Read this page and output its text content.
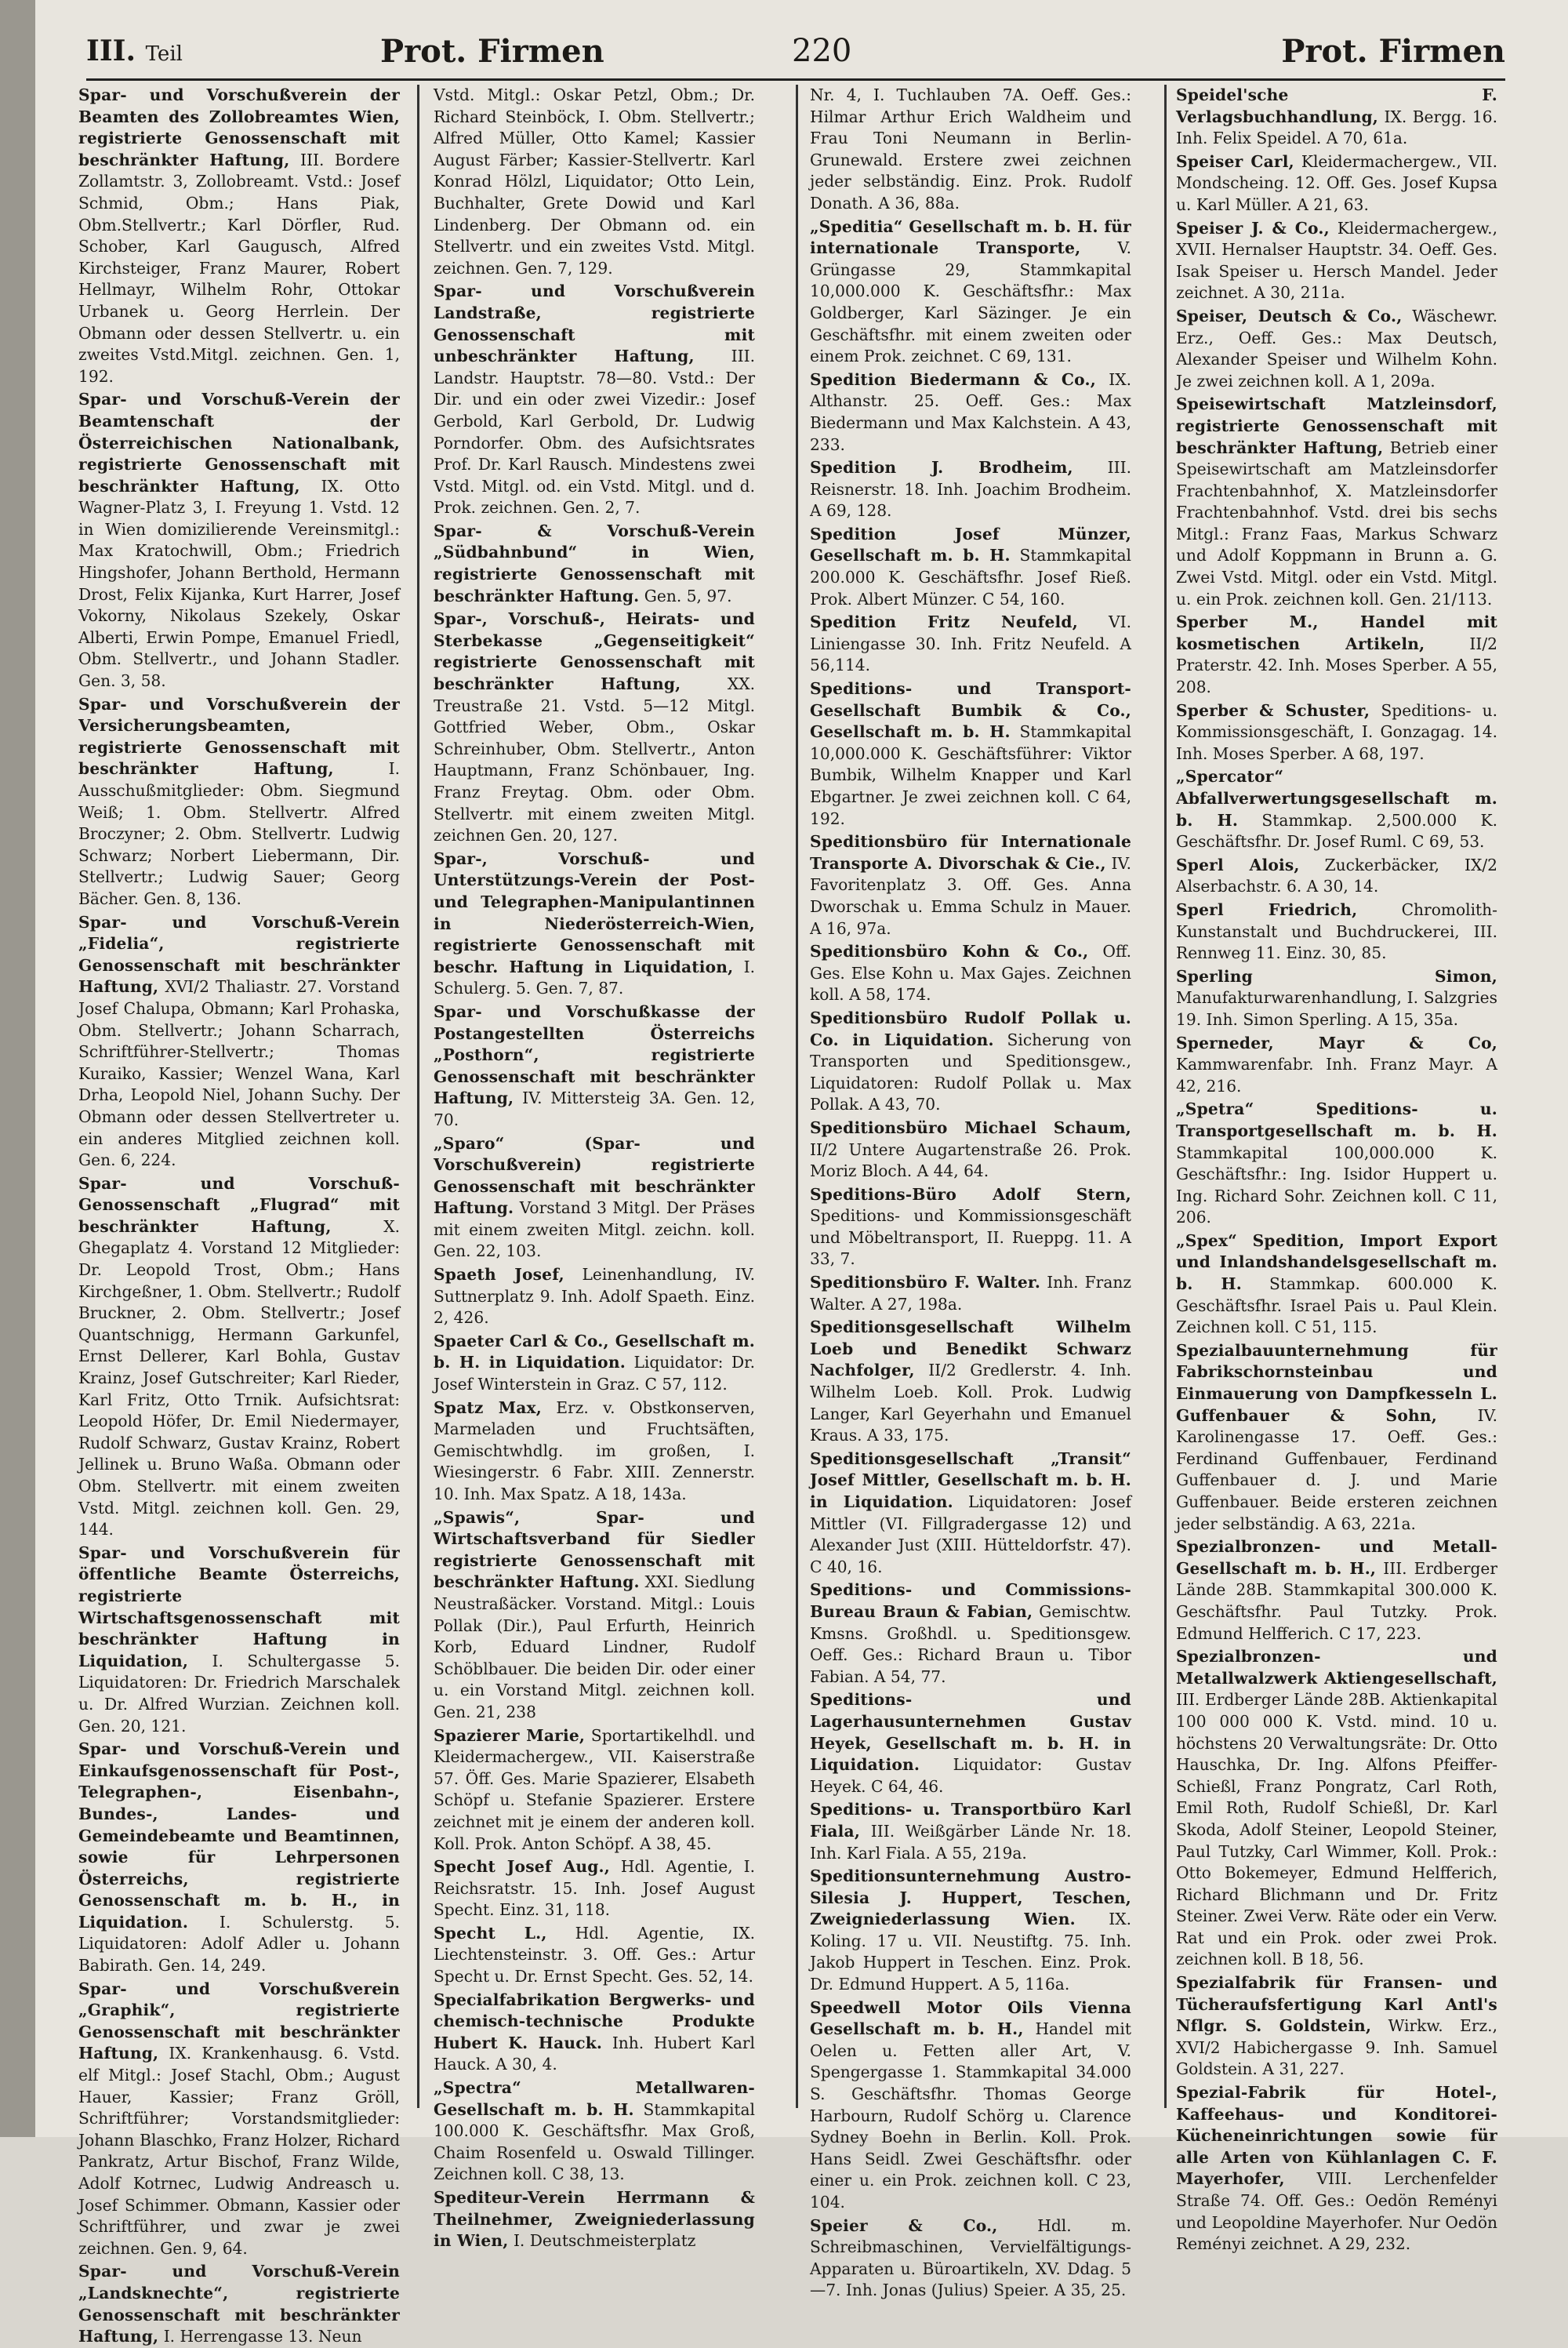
III. Teil	Prot. Firmen	220	Prot. Firmen

Spar- und Vorschußverein der Beamten des Zollobreamtes Wien, registrierte Genossenschaft mit beschränkter Haftung, III. Bordere Zollamtstr. 3, Zollobreamt. Vstd.: Josef Schmid, Obm.; Hans Piak, Obm.Stellvertr.; Karl Dörfler, Rud. Schober, Karl Gaugusch, Alfred Kirchsteiger, Franz Maurer, Robert Hellmayr, Wilhelm Rohr, Ottokar Urbanek u. Georg Herrlein. Der Obmann oder dessen Stellvertr. u. ein zweites Vstd.Mitgl. zeichnen. Gen. 1, 192.

Spar- und Vorschuß-Verein der Beamtenschaft der Österreichischen Nationalbank, registrierte Genossenschaft mit beschränkter Haftung, IX. Otto Wagner-Platz 3, I. Freyung 1. Vstd. 12 in Wien domizilierende Vereinsmitgl.: Max Kratochwill, Obm.; Friedrich Hingshofer, Johann Berthold, Hermann Drost, Felix Kijanka, Kurt Harrer, Josef Vokorny, Nikolaus Szekely, Oskar Alberti, Erwin Pompe, Emanuel Friedl, Obm. Stellvertr., und Johann Stadler. Gen. 3, 58.

Spar- und Vorschußverein der Versicherungsbeamten, registrierte Genossenschaft mit beschränkter Haftung,	I. Ausschußmitglieder: Obm. Siegmund Weiß; 1. Obm. Stellvertr. Alfred Broczyner; 2. Obm. Stellvertr. Ludwig Schwarz; Norbert Liebermann, Dir. Stellvertr.; Ludwig Sauer; Georg Bächer. Gen. 8, 136.

Spar- und Vorschuß-Verein „Fidelia“, registrierte Genossenschaft mit beschränkter Haftung, XVI/2 Thaliastr. 27. Vorstand Josef Chalupa, Obmann; Karl Prohaska, Obm. Stellvertr.; Johann Scharrach, Schriftführer-Stellvertr.; Thomas Kuraiko, Kassier; Wenzel Wana, Karl Drha, Leopold Niel, Johann Suchy. Der Obmann oder dessen Stellvertreter u. ein anderes Mitglied zeichnen koll. Gen. 6, 224.

Spar- und Vorschuß-Genossenschaft „Flugrad“ mit beschränkter Haftung,	X. Ghegaplatz 4. Vorstand 12 Mitglieder: Dr. Leopold Trost, Obm.; Hans Kirchgeßner, 1. Obm. Stellvertr.; Rudolf Bruckner, 2. Obm. Stellvertr.; Josef Quantschnigg, Hermann Garkunfel, Ernst Dellerer, Karl Bohla, Gustav Krainz, Josef Gutschreiter; Karl Rieder, Karl Fritz, Otto Trnik. Aufsichtsrat: Leopold Höfer, Dr. Emil Niedermayer, Rudolf Schwarz, Gustav Krainz, Robert Jellinek u. Bruno Waßa. Obmann oder Obm. Stellvertr. mit einem zweiten Vstd. Mitgl. zeichnen koll. Gen. 29, 144.

Spar- und Vorschußverein für öffentliche Beamte Österreichs, registrierte Wirtschaftsgenossenschaft mit beschränkter Haftung in Liquidation, I. Schultergasse 5. Liquidatoren: Dr. Friedrich Marschalek u. Dr. Alfred Wurzian. Zeichnen koll. Gen. 20, 121.

Spar- und Vorschuß-Verein und Einkaufsgenossenschaft für Post-, Telegraphen-, Eisenbahn-, Bundes-, Landes- und Gemeindebeamte und Beamtinnen, sowie für Lehrpersonen Österreichs, registrierte Genossenschaft m. b. H., in Liquidation. I. Schulerstg. 5. Liquidatoren: Adolf Adler u. Johann Babirath. Gen. 14, 249.

Spar- und Vorschußverein „Graphik“, registrierte Genossenschaft mit beschränkter Haftung, IX. Krankenhausg. 6. Vstd. elf Mitgl.: Josef Stachl, Obm.; August Hauer, Kassier; Franz Gröll, Schriftführer; Vorstandsmitglieder: Johann Blaschko, Franz Holzer, Richard Pankratz, Artur Bischof, Franz Wilde, Adolf Kotrnec, Ludwig Andreasch u. Josef Schimmer. Obmann, Kassier oder Schriftführer, und zwar je zwei zeichnen. Gen. 9, 64.

Spar- und Vorschuß-Verein „Landsknechte“, registrierte Genossenschaft mit beschränkter Haftung, I. Herrengasse 13. Neun

Vstd. Mitgl.: Oskar Petzl, Obm.; Dr. Richard Steinböck, I. Obm. Stellvertr.; Alfred Müller, Otto Kamel; Kassier August Färber; Kassier-Stellvertr. Karl Konrad Hölzl, Liquidator; Otto Lein, Buchhalter, Grete Dowid und Karl Lindenberg. Der Obmann od. ein Stellvertr. und ein zweites Vstd. Mitgl. zeichnen. Gen. 7, 129.

Spar- und Vorschußverein Landstraße, registrierte Genossenschaft mit unbeschränkter Haftung, III. Landstr. Hauptstr. 78—80. Vstd.: Der Dir. und ein oder zwei Vizedir.: Josef Gerbold, Karl Gerbold, Dr. Ludwig Porndorfer. Obm. des Aufsichtsrates Prof. Dr. Karl Rausch. Mindestens zwei Vstd. Mitgl. od. ein Vstd. Mitgl. und d. Prok. zeichnen. Gen. 2, 7.

Spar- & Vorschuß-Verein „Südbahnbund“ in Wien, registrierte Genossenschaft mit beschränkter Haftung. Gen. 5, 97.

Spar-, Vorschuß-, Heirats- und Sterbekasse „Gegenseitigkeit“ registrierte Genossenschaft mit beschränkter Haftung,	XX. Treustraße 21. Vstd. 5—12 Mitgl. Gottfried Weber, Obm., Oskar Schreinhuber, Obm. Stellvertr., Anton Hauptmann, Franz Schönbauer, Ing. Franz Freytag. Obm. oder Obm. Stellvertr. mit einem zweiten Mitgl. zeichnen Gen. 20, 127.

Spar-, Vorschuß- und Unterstützungs-Verein der Post- und Telegraphen-Manipulantinnen in Niederösterreich-Wien, registrierte Genossenschaft mit beschr. Haftung in Liquidation, I. Schulerg. 5. Gen. 7, 87.

Spar- und Vorschußkasse der Postangestellten Österreichs „Posthorn“, registrierte Genossenschaft mit beschränkter Haftung, IV. Mittersteig 3A. Gen. 12, 70.

„Sparo“ (Spar- und Vorschußverein) registrierte Genossenschaft mit beschränkter Haftung. Vorstand 3 Mitgl. Der Präses mit einem zweiten Mitgl. zeichn. koll. Gen. 22, 103.

Spaeth Josef, Leinenhandlung, IV. Suttnerplatz 9. Inh. Adolf Spaeth. Einz. 2, 426.

Spaeter Carl & Co., Gesellschaft m. b. H. in Liquidation. Liquidator: Dr. Josef Winterstein in Graz. C 57, 112.

Spatz Max, Erz. v. Obstkonserven, Marmeladen und Fruchtsäften, Gemischtwhdlg. im großen, I. Wiesingerstr. 6 Fabr. XIII. Zennerstr. 10. Inh. Max Spatz. A 18, 143a.

„Spawis“, Spar- und Wirtschaftsverband für Siedler registrierte Genossenschaft mit beschränkter Haftung. XXI. Siedlung Neustraßäcker. Vorstand. Mitgl.: Louis Pollak (Dir.), Paul Erfurth, Heinrich Korb, Eduard Lindner, Rudolf Schöblbauer. Die beiden Dir. oder einer u. ein Vorstand Mitgl. zeichnen koll. Gen. 21, 238

Spazierer Marie, Sportartikelhdl. und Kleidermachergew., VII. Kaiserstraße 57. Öff. Ges. Marie Spazierer, Elsabeth Schöpf u. Stefanie Spazierer. Erstere zeichnet mit je einem der anderen koll. Koll. Prok. Anton Schöpf. A 38, 45.

Specht Josef Aug., Hdl. Agentie, I. Reichsratstr. 15. Inh. Josef August Specht. Einz. 31, 118.

Specht L., Hdl. Agentie, IX. Liechtensteinstr. 3. Off. Ges.: Artur Specht u. Dr. Ernst Specht. Ges. 52, 14.

Specialfabrikation Bergwerks- und chemisch-technische Produkte Hubert K. Hauck. Inh. Hubert Karl Hauck. A 30, 4.

„Spectra“ Metallwaren-Gesellschaft m. b. H. Stammkapital 100.000 K. Geschäftsfhr. Max Groß, Chaim Rosenfeld u. Oswald Tillinger. Zeichnen koll. C 38, 13.

Spediteur-Verein Herrmann & Theilnehmer, Zweigniederlassung in Wien, I. Deutschmeisterplatz

Nr. 4, I. Tuchlauben 7A. Oeff. Ges.: Hilmar Arthur Erich Waldheim und Frau Toni Neumann in Berlin-Grunewald. Erstere zwei zeichnen jeder selbständig. Einz. Prok. Rudolf Donath. A 36, 88a.

„Speditia“ Gesellschaft m. b. H. für internationale Transporte, V. Grüngasse 29, Stammkapital 10,000.000 K. Geschäftsfhr.: Max Goldberger, Karl Säzinger. Je ein Geschäftsfhr. mit einem zweiten oder einem Prok. zeichnet. C 69, 131.

Spedition Biedermann & Co., IX. Althanstr. 25. Oeff. Ges.: Max Biedermann und Max Kalchstein. A 43, 233.

Spedition J. Brodheim, III. Reisnerstr. 18. Inh. Joachim Brodheim. A 69, 128.

Spedition Josef Münzer, Gesellschaft m. b. H. Stammkapital 200.000 K. Geschäftsfhr. Josef Rieß. Prok. Albert Münzer. C 54, 160.

Spedition Fritz Neufeld, VI. Liniengasse 30. Inh. Fritz Neufeld. A 56,114.

Speditions- und Transport-Gesellschaft Bumbik & Co., Gesellschaft m. b. H. Stammkapital 10,000.000 K. Geschäftsführer: Viktor Bumbik, Wilhelm Knapper und Karl Ebgartner. Je zwei zeichnen koll. C 64, 192.

Speditionsbüro für Internationale Transporte A. Divorschak & Cie., IV. Favoritenplatz 3. Off. Ges. Anna Dworschak u. Emma Schulz in Mauer. A 16, 97a.

Speditionsbüro Kohn & Co., Off. Ges. Else Kohn u. Max Gajes. Zeichnen koll. A 58, 174.

Speditionsbüro Rudolf Pollak u. Co. in Liquidation. Sicherung von Transporten und Speditionsgew., Liquidatoren: Rudolf Pollak u. Max Pollak. A 43, 70.

Speditionsbüro Michael Schaum, II/2 Untere Augartenstraße 26. Prok. Moriz Bloch. A 44, 64.

Speditions-Büro Adolf Stern, Speditions- und Kommissionsgeschäft und Möbeltransport, II. Rueppg. 11. A 33, 7.

Speditionsbüro F. Walter. Inh. Franz Walter. A 27, 198a.

Speditionsgesellschaft Wilhelm Loeb und Benedikt Schwarz Nachfolger, II/2 Gredlerstr. 4. Inh. Wilhelm Loeb. Koll. Prok. Ludwig Langer, Karl Geyerhahn und Emanuel Kraus. A 33, 175.

Speditionsgesellschaft „Transit“ Josef Mittler, Gesellschaft m. b. H. in Liquidation. Liquidatoren: Josef Mittler (VI. Fillgradergasse 12) und Alexander Just (XIII. Hütteldorfstr. 47). C 40, 16.

Speditions- und Commissions-Bureau Braun & Fabian, Gemischtw. Kmsns. Großhdl. u. Speditionsgew. Oeff. Ges.: Richard Braun u. Tibor Fabian. A 54, 77.

Speditions- und Lagerhausunternehmen Gustav Heyek, Gesellschaft m. b. H. in Liquidation. Liquidator: Gustav Heyek. C 64, 46.

Speditions- u. Transportbüro Karl Fiala, III. Weißgärber Lände Nr. 18. Inh. Karl Fiala. A 55, 219a.

Speditionsunternehmung Austro-Silesia J. Huppert, Teschen, Zweigniederlassung Wien. IX. Koling. 17 u. VII. Neustiftg. 75. Inh. Jakob Huppert in Teschen. Einz. Prok. Dr. Edmund Huppert. A 5, 116a.

Speedwell Motor Oils Vienna Gesellschaft m. b. H., Handel mit Oelen u. Fetten aller Art, V. Spengergasse 1. Stammkapital 34.000 S. Geschäftsfhr. Thomas George Harbourn, Rudolf Schörg u. Clarence Sydney Boehn in Berlin. Koll. Prok. Hans Seidl. Zwei Geschäftsfhr. oder einer u. ein Prok. zeichnen koll. C 23, 104.

Speier & Co.,	Hdl. m. Schreibmaschinen, Vervielfältigungs-Apparaten u. Büroartikeln, XV. Ddag. 5—7. Inh. Jonas (Julius) Speier. A 35, 25.

Speidel'sche F. Verlagsbuchhandlung, IX. Bergg. 16. Inh. Felix Speidel. A 70, 61a.

Speiser Carl, Kleidermachergew., VII. Mondscheing. 12. Off. Ges. Josef Kupsa u. Karl Müller. A 21, 63.

Speiser J. & Co., Kleidermachergew., XVII. Hernalser Hauptstr. 34. Oeff. Ges. Isak Speiser u. Hersch Mandel. Jeder zeichnet. A 30, 211a.

Speiser, Deutsch & Co., Wäschewr. Erz., Oeff. Ges.: Max Deutsch, Alexander Speiser und Wilhelm Kohn. Je zwei zeichnen koll. A 1, 209a.

Speisewirtschaft Matzleinsdorf, registrierte Genossenschaft mit beschränkter Haftung, Betrieb einer Speisewirtschaft am Matzleinsdorfer Frachtenbahnhof, X. Matzleinsdorfer Frachtenbahnhof. Vstd. drei bis sechs Mitgl.: Franz Faas, Markus Schwarz und Adolf Koppmann in Brunn a. G. Zwei Vstd. Mitgl. oder ein Vstd. Mitgl. u. ein Prok. zeichnen koll. Gen. 21/113.

Sperber M., Handel mit kosmetischen Artikeln,	II/2 Praterstr. 42. Inh. Moses Sperber. A 55, 208.

Sperber & Schuster, Speditions- u. Kommissionsgeschäft, I. Gonzagag. 14. Inh. Moses Sperber. A 68, 197.

„Spercator“ Abfallverwertungsgesellschaft m. b. H. Stammkap. 2,500.000 K. Geschäftsfhr. Dr. Josef Ruml. C 69, 53.

Sperl Alois, Zuckerbäcker, IX/2 Alserbachstr. 6. A 30, 14.

Sperl Friedrich,	Chromolith-Kunstanstalt und Buchdruckerei, III. Rennweg 11. Einz. 30, 85.

Sperling Simon, Manufakturwarenhandlung, I. Salzgries 19. Inh. Simon Sperling. A 15, 35a.

Sperneder, Mayr & Co, Kammwarenfabr. Inh. Franz Mayr. A 42, 216.

„Spetra“ Speditions- u. Transportgesellschaft m. b. H. Stammkapital 100,000.000 K. Geschäftsfhr.: Ing. Isidor Huppert u. Ing. Richard Sohr. Zeichnen koll. C 11, 206.

„Spex“ Spedition, Import Export und Inlandshandelsgesellschaft m. b. H. Stammkap. 600.000 K. Geschäftsfhr. Israel Pais u. Paul Klein. Zeichnen koll. C 51, 115.

Spezialbauunternehmung für Fabrikschornsteinbau und Einmauerung von Dampfkesseln L. Guffenbauer & Sohn,	IV. Karolinengasse 17. Oeff. Ges.: Ferdinand Guffenbauer, Ferdinand Guffenbauer d. J. und Marie Guffenbauer. Beide ersteren zeichnen jeder selbständig. A 63, 221a.

Spezialbronzen- und Metall-Gesellschaft m. b. H., III. Erdberger Lände 28B. Stammkapital 300.000 K. Geschäftsfhr. Paul Tutzky. Prok. Edmund Helfferich. C 17, 223.

Spezialbronzen- und Metallwalzwerk Aktiengesellschaft, III. Erdberger Lände 28B. Aktienkapital 100 000 000 K. Vstd. mind. 10 u. höchstens 20 Verwaltungsräte: Dr. Otto Hauschka, Dr. Ing. Alfons Pfeiffer-Schießl, Franz Pongratz, Carl Roth, Emil Roth, Rudolf Schießl, Dr. Karl Skoda, Adolf Steiner, Leopold Steiner, Paul Tutzky, Carl Wimmer, Koll. Prok.: Otto Bokemeyer, Edmund Helfferich, Richard Blichmann und Dr. Fritz Steiner. Zwei Verw. Räte oder ein Verw. Rat und ein Prok. oder zwei Prok. zeichnen koll. B 18, 56.

Spezialfabrik für Fransen- und Tücheraufsfertigung Karl Antl's Nflgr. S. Goldstein, Wirkw. Erz., XVI/2 Habichergasse 9. Inh. Samuel Goldstein. A 31, 227.

Spezial-Fabrik für Hotel-, Kaffeehaus- und Konditorei-Kücheneinrichtungen sowie für alle Arten von Kühlanlagen C. F. Mayerhofer, VIII. Lerchenfelder Straße 74. Off. Ges.: Oedön Reményi und Leopoldine Mayerhofer. Nur Oedön Reményi zeichnet. A 29, 232.
